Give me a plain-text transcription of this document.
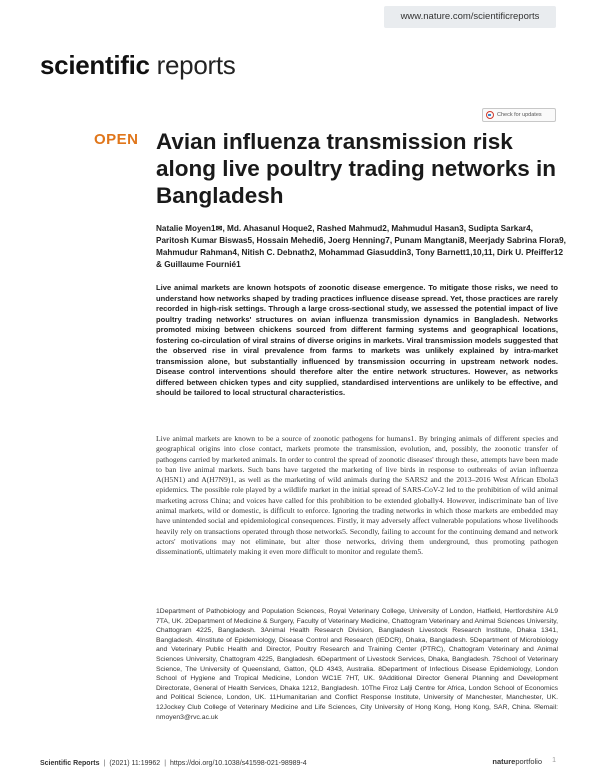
www.nature.com/scientificreports
scientific reports
Check for updates
OPEN Avian influenza transmission risk along live poultry trading networks in Bangladesh
Natalie Moyen1✉, Md. Ahasanul Hoque2, Rashed Mahmud2, Mahmudul Hasan3, Sudipta Sarkar4, Paritosh Kumar Biswas5, Hossain Mehedi6, Joerg Henning7, Punam Mangtani8, Meerjady Sabrina Flora9, Mahmudur Rahman4, Nitish C. Debnath2, Mohammad Giasuddin3, Tony Barnett1,10,11, Dirk U. Pfeiffer12 & Guillaume Fournié1
Live animal markets are known hotspots of zoonotic disease emergence. To mitigate those risks, we need to understand how networks shaped by trading practices influence disease spread. Yet, those practices are rarely recorded in high-risk settings. Through a large cross-sectional study, we assessed the potential impact of live poultry trading networks' structures on avian influenza transmission dynamics in Bangladesh. Networks promoted mixing between chickens sourced from different farming systems and geographical locations, fostering co-circulation of viral strains of diverse origins in markets. Viral transmission models suggested that the observed rise in viral prevalence from farms to markets was unlikely explained by intra-market transmission alone, but substantially influenced by transmission occurring in upstream network nodes. Disease control interventions should therefore alter the entire network structures. However, as networks differed between chicken types and city supplied, standardised interventions are unlikely to be effective, and should be tailored to local structural characteristics.
Live animal markets are known to be a source of zoonotic pathogens for humans1. By bringing animals of different species and geographical origins into close contact, markets promote the transmission, evolution, and, possibly, the zoonotic transfer of pathogens carried by marketed animals. In order to control the spread of zoonotic diseases' through these, attempts have been made to ban live animal markets. Such bans have targeted the marketing of live birds in response to outbreaks of avian influenza A(H5N1) and A(H7N9)1, as well as the marketing of wild animals during the SARS2 and the 2013–2016 West African Ebola3 epidemics. The possible role played by a wildlife market in the initial spread of SARS-CoV-2 led to the prohibition of wild animal marketing across China; and voices have called for this prohibition to be extended globally4. However, indiscriminate ban of live animal markets, wild or domestic, is difficult to enforce. Ignoring the trading networks in which those markets are embedded may have unintended social and epidemiological consequences. Firstly, it may adversely affect vulnerable populations whose livelihoods heavily rely on transactions operated through those networks5. Secondly, failing to account for the continuing demand and network actors' motivations may not eliminate, but alter those networks, driving them underground, thus promoting pathogen dissemination6, ultimately making it even more difficult to monitor and regulate them5.
1Department of Pathobiology and Population Sciences, Royal Veterinary College, University of London, Hatfield, Hertfordshire AL9 7TA, UK. 2Department of Medicine & Surgery, Faculty of Veterinary Medicine, Chattogram Veterinary and Animal Sciences University, Chattogram 4225, Bangladesh. 3Animal Health Research Division, Bangladesh Livestock Research Institute, Dhaka 1341, Bangladesh. 4Institute of Epidemiology, Disease Control and Research (IEDCR), Dhaka, Bangladesh. 5Department of Microbiology and Veterinary Public Health and Director, Poultry Research and Training Center (PTRC), Chattogram Veterinary and Animal Sciences University, Chattogram 4225, Bangladesh. 6Department of Livestock Services, Dhaka, Bangladesh. 7School of Veterinary Science, The University of Queensland, Gatton, QLD 4343, Australia. 8Department of Infectious Disease Epidemiology, London School of Hygiene and Tropical Medicine, London WC1E 7HT, UK. 9Additional Director General Planning and Development Directorate, General of Health Services, Dhaka 1212, Bangladesh. 10The Firoz Lalji Centre for Africa, London School of Economics and Political Science, London, UK. 11Humanitarian and Conflict Response Institute, University of Manchester, Manchester, UK. 12Jockey Club College of Veterinary Medicine and Life Sciences, City University of Hong Kong, Hong Kong, SAR, China. ✉email: nmoyen3@rvc.ac.uk
Scientific Reports | (2021) 11:19962 | https://doi.org/10.1038/s41598-021-98989-4	natureportfolio 1
